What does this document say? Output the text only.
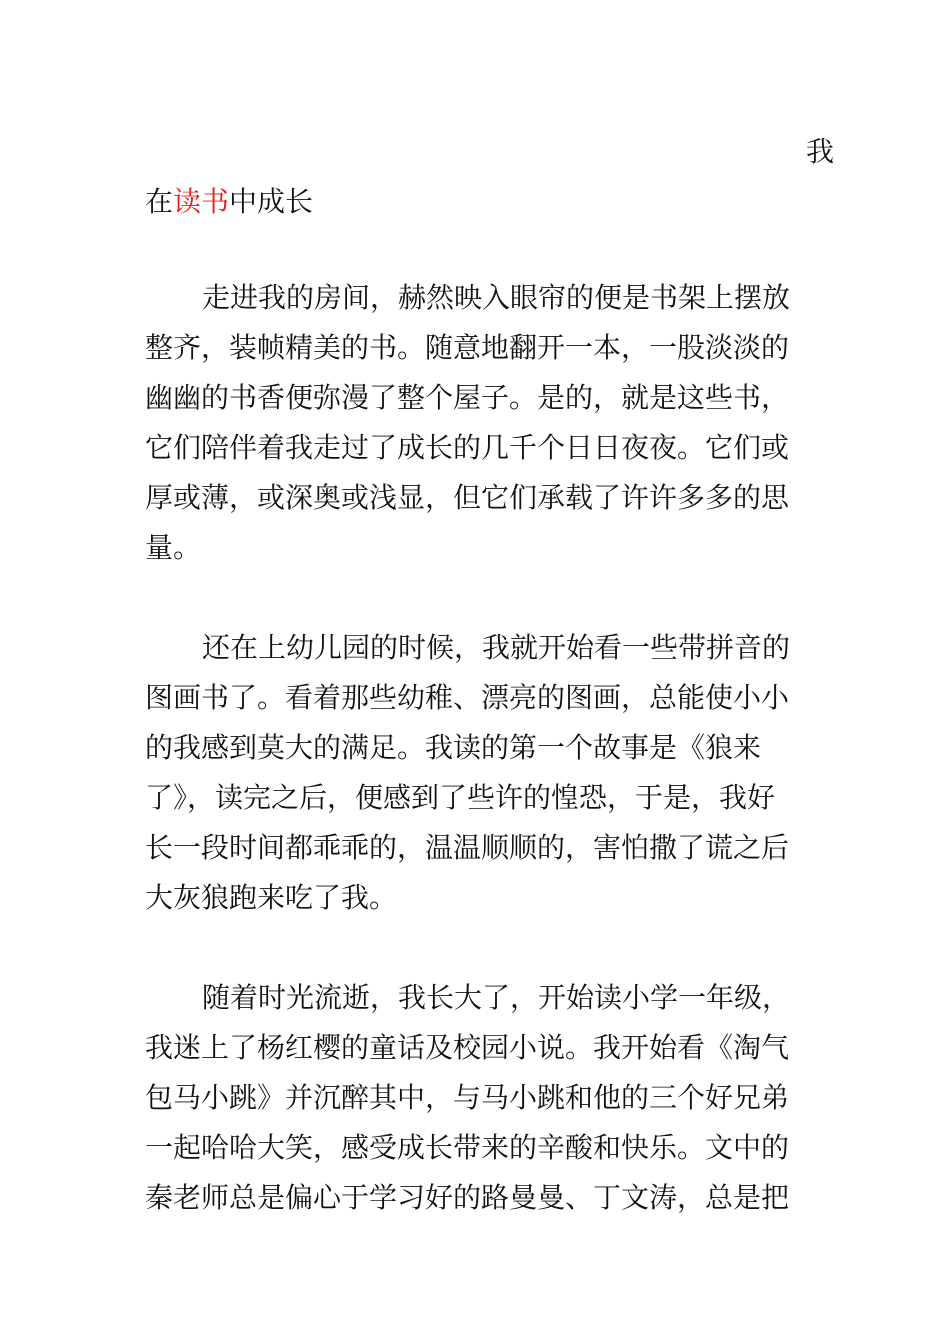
我
在读书中成长
走进我的房间，赫然映入眼帘的便是书架上摆放
整齐，装帧精美的书。随意地翻开一本，一股淡淡的
幽幽的书香便弥漫了整个屋子。是的，就是这些书，
它们陪伴着我走过了成长的几千个日日夜夜。它们或
厚或薄，或深奥或浅显，但它们承载了许许多多的思
量。
还在上幼儿园的时候，我就开始看一些带拼音的
图画书了。看着那些幼稚、漂亮的图画，总能使小小
的我感到莫大的满足。我读的第一个故事是《狼来
了》，读完之后，便感到了些许的惶恐，于是，我好
长一段时间都乖乖的，温温顺顺的，害怕撒了谎之后
大灰狼跑来吃了我。
随着时光流逝，我长大了，开始读小学一年级，
我迷上了杨红樱的童话及校园小说。我开始看《淘气
包马小跳》并沉醉其中，与马小跳和他的三个好兄弟
一起哈哈大笑，感受成长带来的辛酸和快乐。文中的
秦老师总是偏心于学习好的路曼曼、丁文涛，总是把
